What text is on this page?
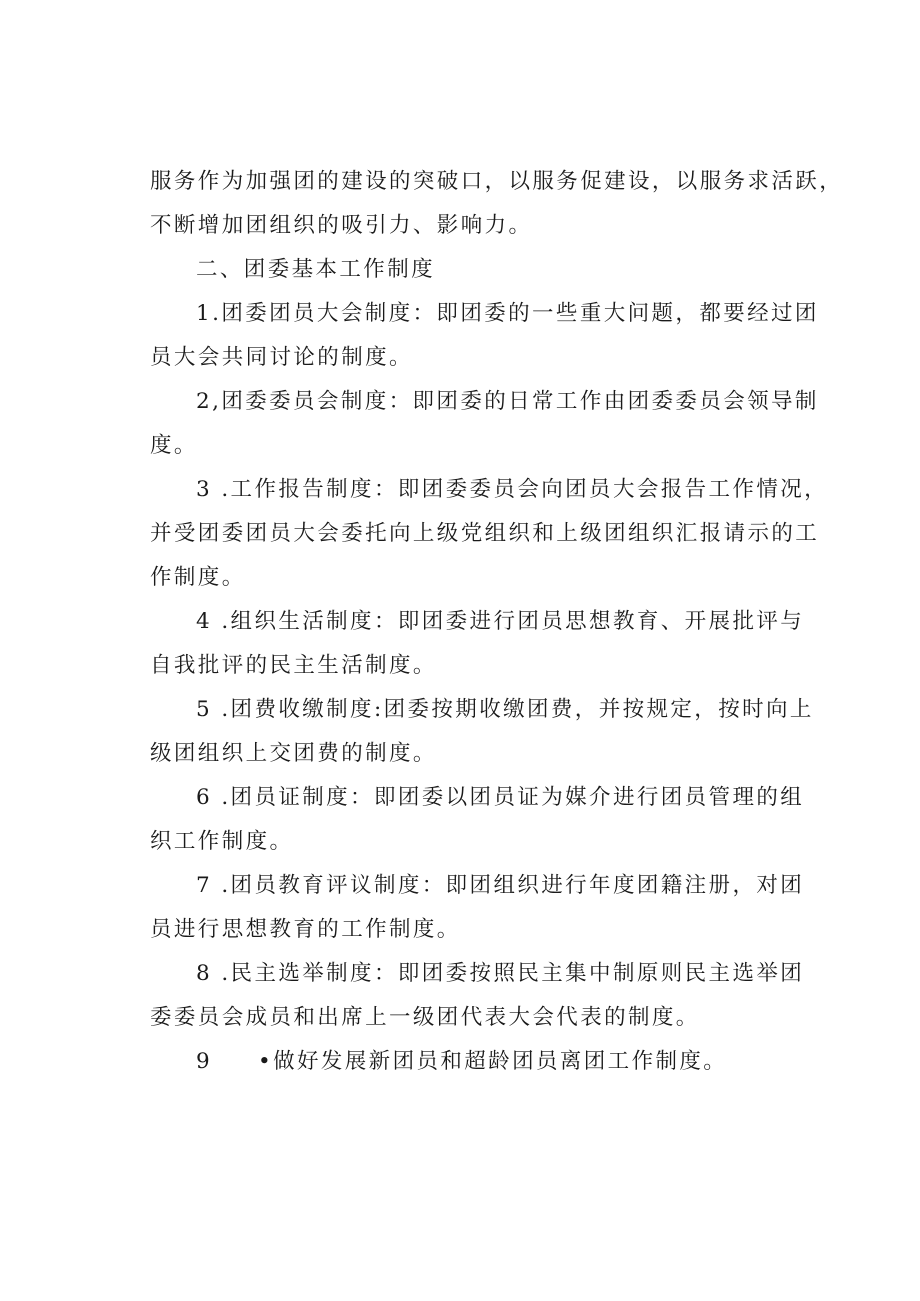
服务作为加强团的建设的突破口，以服务促建设，以服务求活跃，

不断增加团组织的吸引力、影响力。

二、团委基本工作制度

1.团委团员大会制度：即团委的一些重大问题，都要经过团

员大会共同讨论的制度。

2,团委委员会制度：即团委的日常工作由团委委员会领导制

度。

3 .工作报告制度：即团委委员会向团员大会报告工作情况，

并受团委团员大会委托向上级党组织和上级团组织汇报请示的工

作制度。

4 .组织生活制度：即团委进行团员思想教育、开展批评与

自我批评的民主生活制度。

5 .团费收缴制度:团委按期收缴团费，并按规定，按时向上

级团组织上交团费的制度。

6 .团员证制度：即团委以团员证为媒介进行团员管理的组

织工作制度。

7 .团员教育评议制度：即团组织进行年度团籍注册，对团

员进行思想教育的工作制度。

8 .民主选举制度：即团委按照民主集中制原则民主选举团

委委员会成员和出席上一级团代表大会代表的制度。

9 •做好发展新团员和超龄团员离团工作制度。
